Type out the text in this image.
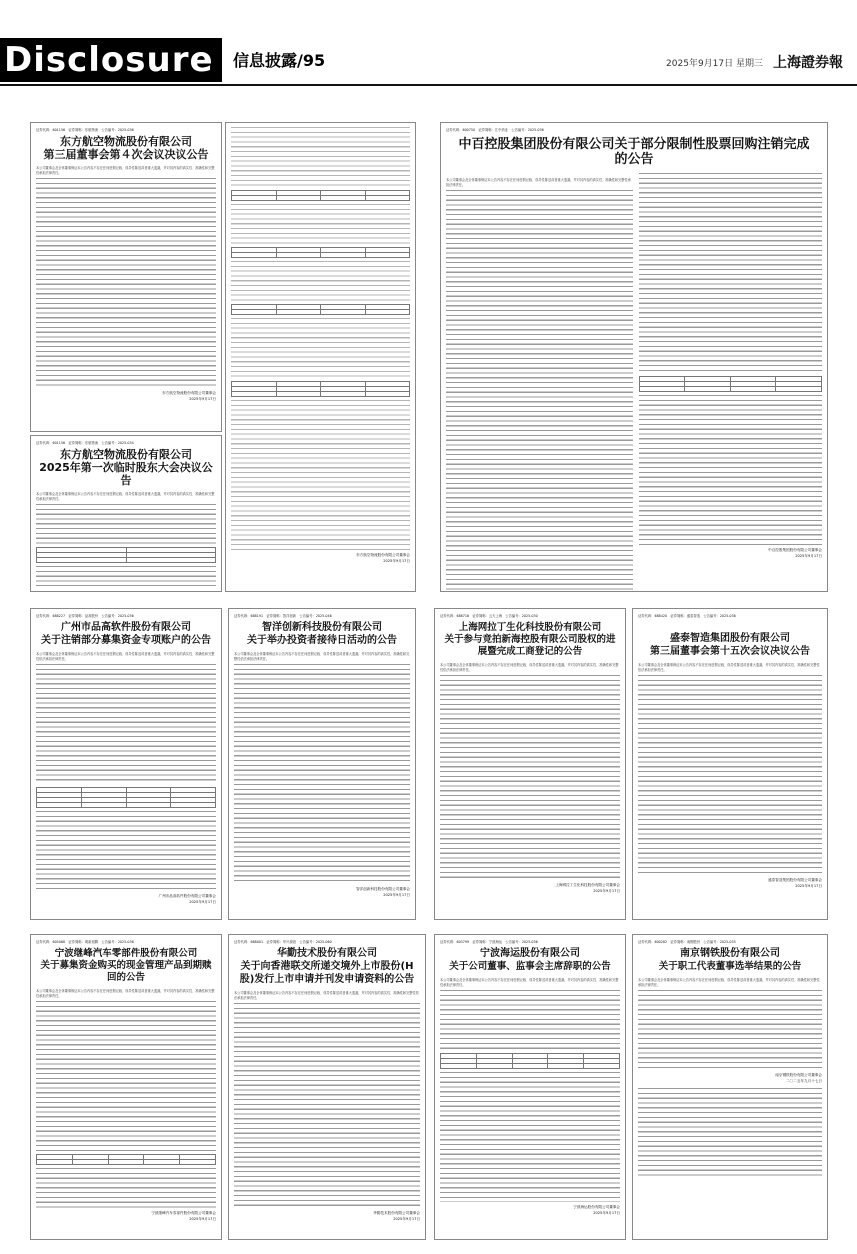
Disclosure	信息披露/95	2025年9月17日 星期三 上海證券報
证券代码：601156　证券简称：东航物流　公告编号：2025-036
东方航空物流股份有限公司
第三届董事会第４次会议决议公告
本公司董事会及全体董事保证本公告内容不存在任何虚假记载、误导性陈述或者重大遗漏，并对其内容的真实性、准确性和完整性承担法律责任。
东方航空物流股份有限公司董事会
2025年9月17日

东方航空物流股份有限公司董事会
2025年9月17日
证券代码：601156　证券简称：东航物流　公告编号：2025-034
东方航空物流股份有限公司
2025年第一次临时股东大会决议公告
本公司董事会及全体董事保证本公告内容不存在任何虚假记载、误导性陈述或者重大遗漏，并对其内容的真实性、准确性和完整性承担法律责任。

证券代码：600750　证券简称：江中药业　公告编号：2025-036
中百控股集团股份有限公司关于部分限制性股票回购注销完成的公告
本公司董事会及全体董事保证本公告内容不存在任何虚假记载、误导性陈述或者重大遗漏，并对其内容的真实性、准确性和完整性承担法律责任。

中百控股集团股份有限公司董事会
2025年9月17日
证券代码：688227　证券简称：品高股份　公告编号：2025-036
广州市品高软件股份有限公司
关于注销部分募集资金专项账户的公告
本公司董事会及全体董事保证本公告内容不存在任何虚假记载、误导性陈述或者重大遗漏，并对其内容的真实性、准确性和完整性依法承担法律责任。

广州市品高软件股份有限公司董事会
2025年9月17日
证券代码：688191　证券简称：智洋创新　公告编号：2025-046
智洋创新科技股份有限公司
关于举办投资者接待日活动的公告
本公司董事会及全体董事保证本公告内容不存在任何虚假记载、误导性陈述或者重大遗漏，并对其内容的真实性、准确性和完整性依法承担法律责任。
智洋创新科技股份有限公司董事会
2025年9月17日
证券代码：688716　证券简称：云天上海　公告编号：2025-030
上海网拉丁生化科技股份有限公司
关于参与竞拍新海控股有限公司股权的进展暨完成工商登记的公告
本公司董事会及全体董事保证本公告内容不存在任何虚假记载、误导性陈述或者重大遗漏，并对其内容的真实性、准确性和完整性依法承担法律责任。
上海网拉丁生化科技股份有限公司董事会
2025年9月17日
证券代码：688420　证券简称：盛泰智造　公告编号：2025-036
盛泰智造集团股份有限公司
第三届董事会第十五次会议决议公告
本公司董事会及全体董事保证本公告内容不存在任何虚假记载、误导性陈述或者重大遗漏，并对其内容的真实性、准确性和完整性依法承担法律责任。
盛泰智造集团股份有限公司董事会
2025年9月17日
证券代码：605068　证券简称：明新旭腾　公告编号：2025-036
宁波继峰汽车零部件股份有限公司
关于募集资金购买的现金管理产品到期赎回的公告
本公司董事会及全体董事保证本公告内容不存在任何虚假记载、误导性陈述或者重大遗漏，并对其内容的真实性、准确性和完整性承担法律责任。

宁波继峰汽车零部件股份有限公司董事会
2025年9月17日
证券代码：688001　证券简称：华兴源创　公告编号：2025-060
华勤技术股份有限公司
关于向香港联交所递交境外上市股份(H股)发行上市申请并刊发申请资料的公告
本公司董事会及全体董事保证本公告内容不存在任何虚假记载、误导性陈述或者重大遗漏，并对其内容的真实性、准确性和完整性依法承担法律责任。
华勤技术股份有限公司董事会
2025年9月17日
证券代码：603799　证券简称：宁波海运　公告编号：2025-036
宁波海运股份有限公司
关于公司董事、监事会主席辞职的公告
本公司董事会及全体董事保证本公告内容不存在任何虚假记载、误导性陈述或者重大遗漏，并对其内容的真实性、准确性和完整性承担法律责任。

宁波海运股份有限公司董事会
2025年9月17日
证券代码：600282　证券简称：南钢股份　公告编号：2025-035
南京钢铁股份有限公司
关于职工代表董事选举结果的公告
本公司董事会及全体董事保证本公告内容不存在任何虚假记载、误导性陈述或者重大遗漏，并对其内容的真实性、准确性和完整性承担法律责任。
南京钢铁股份有限公司董事会
二〇二五年九月十七日
